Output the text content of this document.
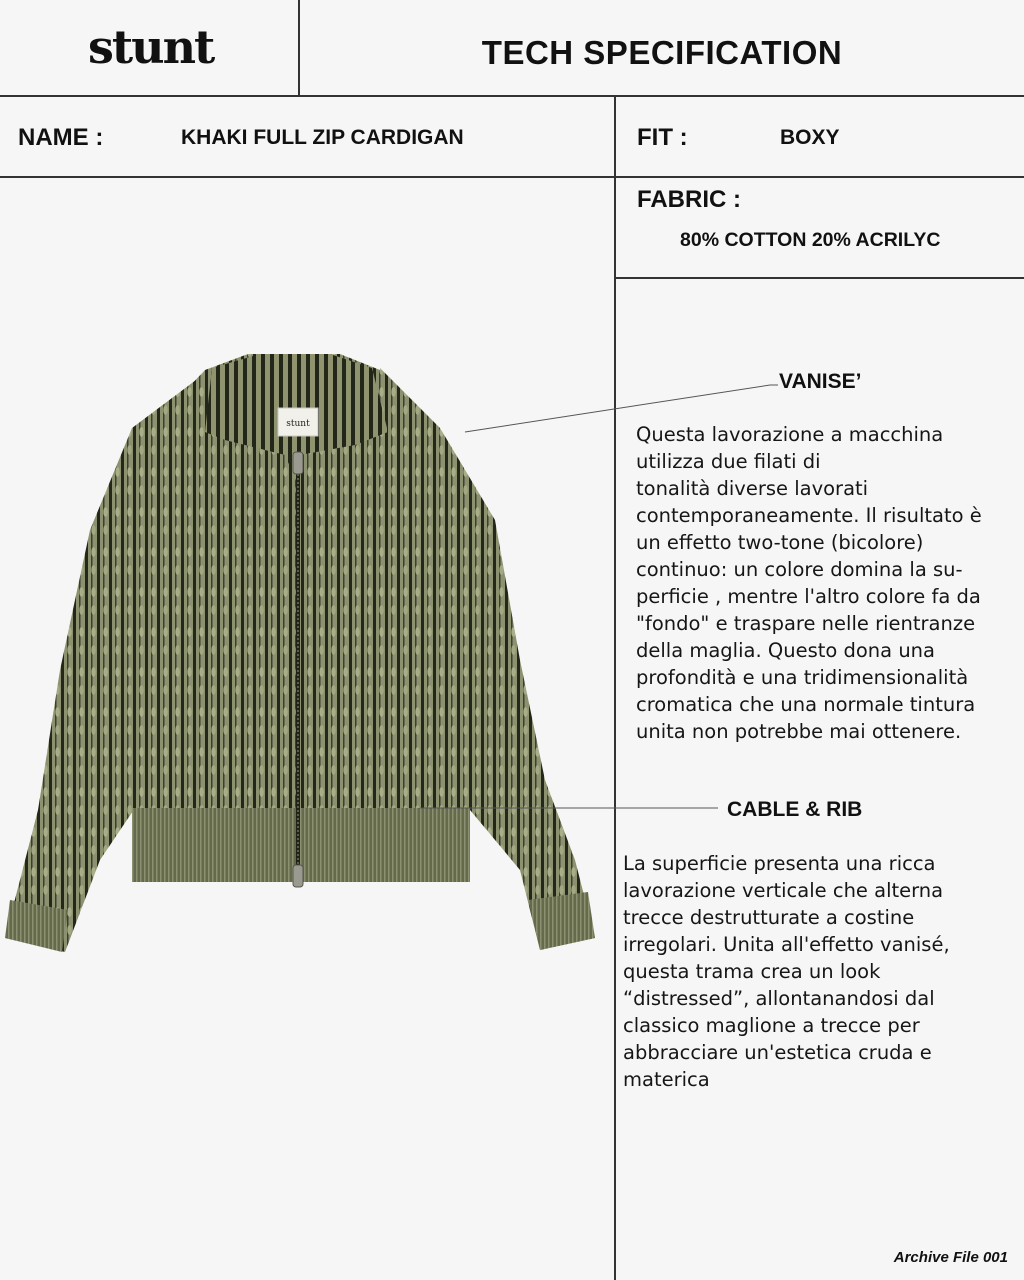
stunt	TECH SPECIFICATION
NAME :	KHAKI FULL ZIP CARDIGAN	FIT :	BOXY
FABRIC :
80% COTTON 20% ACRILYC
stunt
VANISE’
Questa lavorazione a macchina
utilizza due filati di
tonalità diverse lavorati
contemporaneamente. Il risultato è
un effetto two-tone (bicolore)
continuo: un colore domina la su-
perficie , mentre l'altro colore fa da
"fondo" e traspare nelle rientranze
della maglia. Questo dona una
profondità e una tridimensionalità
cromatica che una normale tintura
unita non potrebbe mai ottenere.
CABLE & RIB
La superficie presenta una ricca
lavorazione verticale che alterna
trecce destrutturate a costine
irregolari. Unita all'effetto vanisé,
questa trama crea un look
“distressed”, allontanandosi dal
classico maglione a trecce per
abbracciare un'estetica cruda e
materica
Archive File 001
